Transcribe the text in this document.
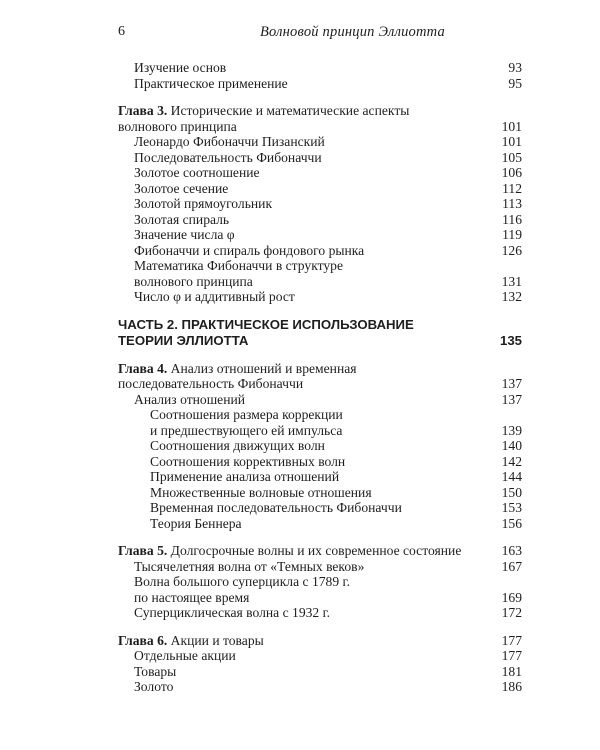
6	Волновой принцип Эллиотта
Изучение основ	93
Практическое применение	95
Глава 3. Исторические и математические аспекты
волнового принципа	101
Леонардо Фибоначчи Пизанский	101
Последовательность Фибоначчи	105
Золотое соотношение	106
Золотое сечение	112
Золотой прямоугольник	113
Золотая спираль	116
Значение числа φ	119
Фибоначчи и спираль фондового рынка	126
Математика Фибоначчи в структуре
волнового принципа	131
Число φ и аддитивный рост	132
ЧАСТЬ 2. ПРАКТИЧЕСКОЕ ИСПОЛЬЗОВАНИЕ
ТЕОРИИ ЭЛЛИОТТА	135
Глава 4. Анализ отношений и временная
последовательность Фибоначчи	137
Анализ отношений	137
Соотношения размера коррекции
и предшествующего ей импульса	139
Соотношения движущих волн	140
Соотношения коррективных волн	142
Применение анализа отношений	144
Множественные волновые отношения	150
Временная последовательность Фибоначчи	153
Теория Беннера	156
Глава 5. Долгосрочные волны и их современное состояние	163
Тысячелетняя волна от «Темных веков»	167
Волна большого суперцикла с 1789 г.
по настоящее время	169
Суперциклическая волна с 1932 г.	172
Глава 6. Акции и товары	177
Отдельные акции	177
Товары	181
Золото	186
